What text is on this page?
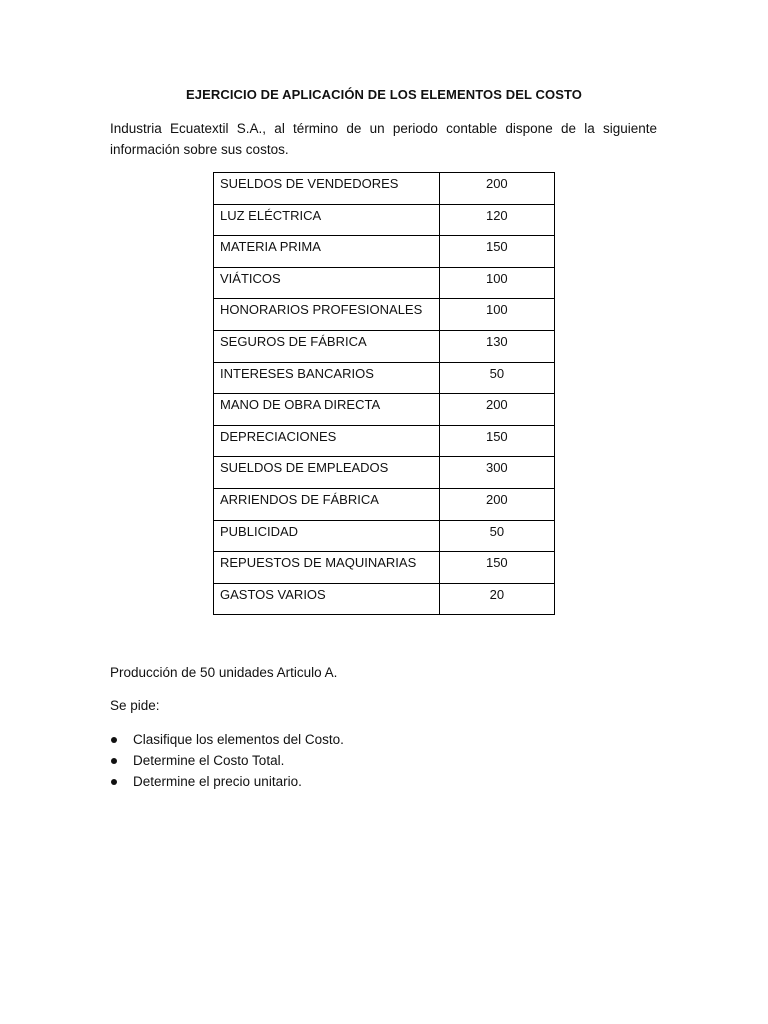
EJERCICIO DE APLICACIÓN DE LOS ELEMENTOS DEL COSTO
Industria Ecuatextil S.A., al término de un periodo contable dispone de la siguiente información sobre sus costos.
SUELDOS DE VENDEDORES	200
LUZ ELÉCTRICA	120
MATERIA PRIMA	150
VIÁTICOS	100
HONORARIOS PROFESIONALES	100
SEGUROS DE FÁBRICA	130
INTERESES BANCARIOS	50
MANO DE OBRA DIRECTA	200
DEPRECIACIONES	150
SUELDOS DE EMPLEADOS	300
ARRIENDOS DE FÁBRICA	200
PUBLICIDAD	50
REPUESTOS DE MAQUINARIAS	150
GASTOS VARIOS	20
Producción de 50 unidades Articulo A.
Se pide:
Clasifique los elementos del Costo.
Determine el Costo Total.
Determine el precio unitario.
